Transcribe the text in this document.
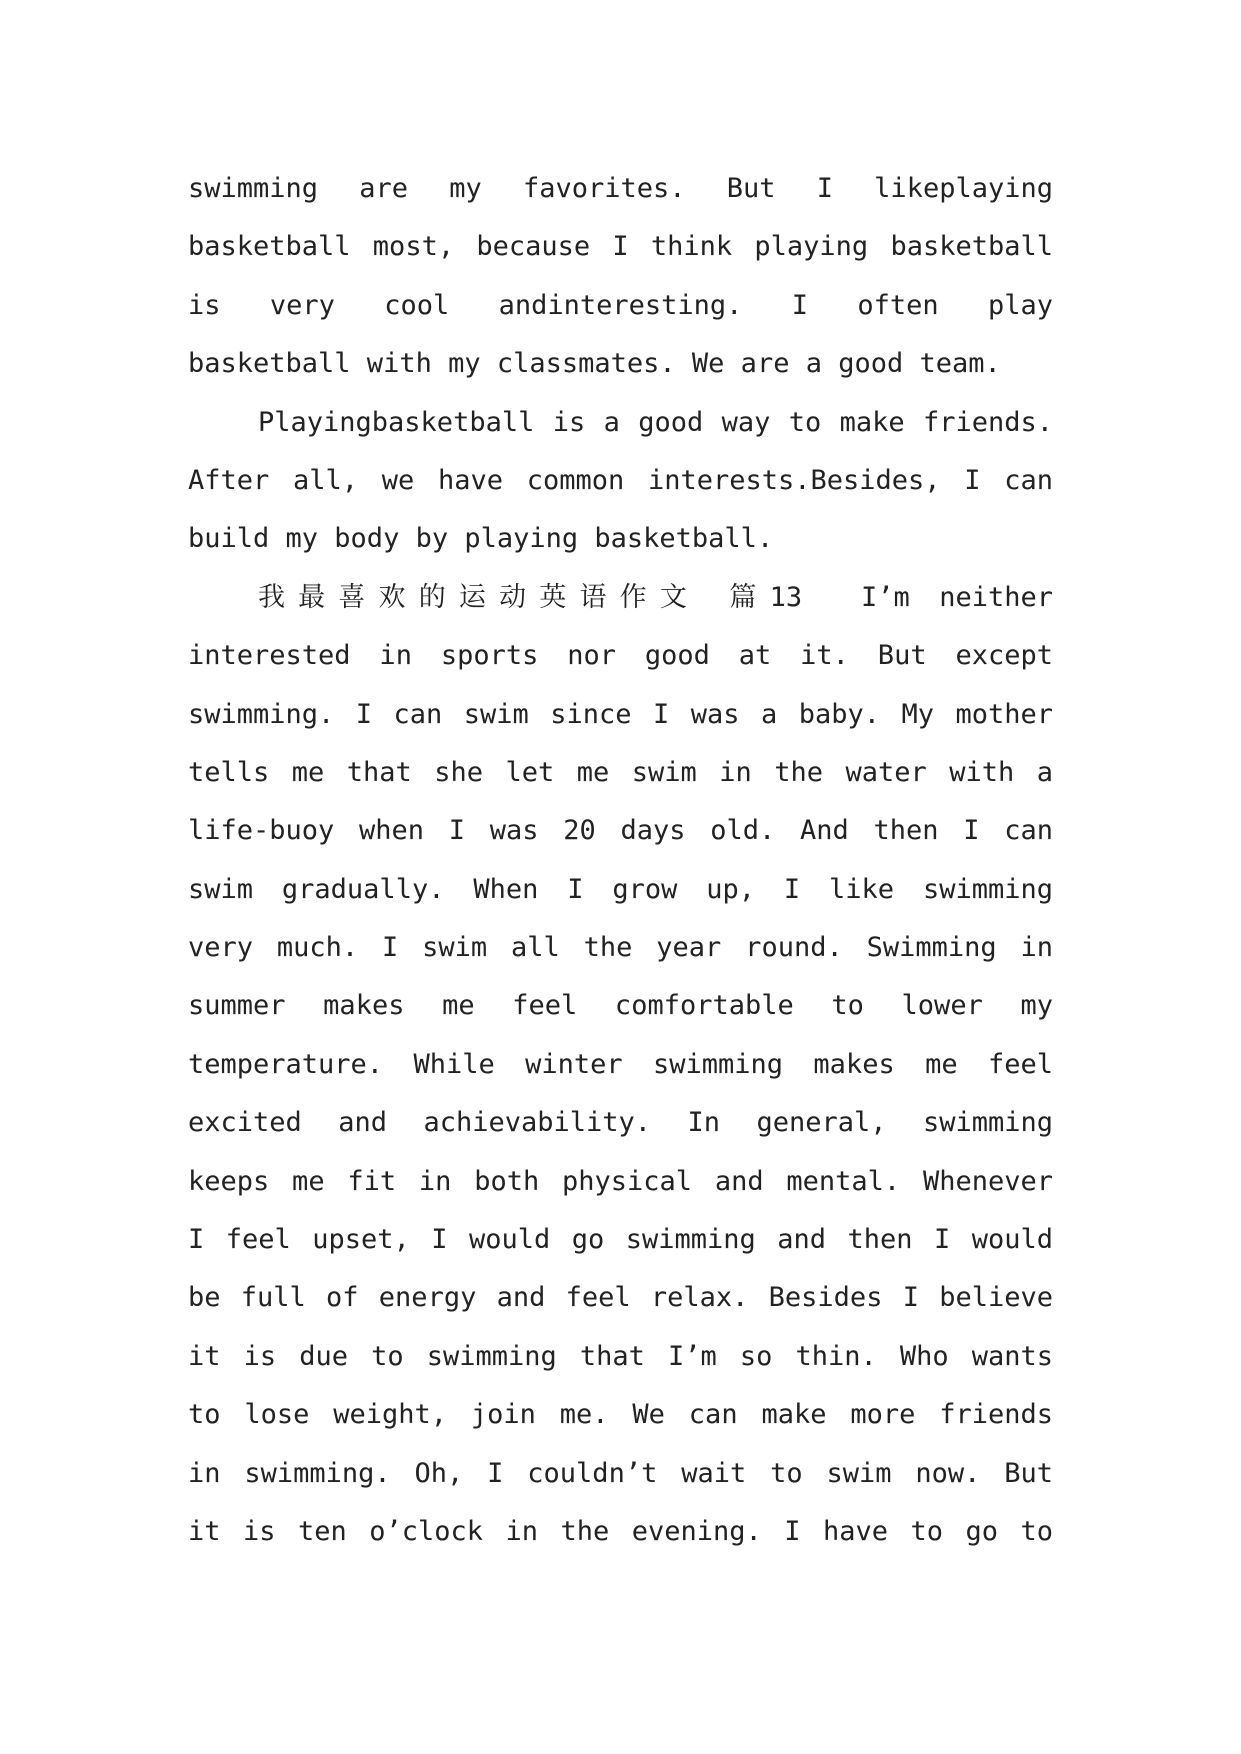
swimming are my favorites. But I likeplaying
basketball most, because I think playing basketball
is very cool andinteresting. I often play
basketball with my classmates. We are a good team.
Playingbasketball is a good way to make friends.
After all, we have common interests.Besides, I can
build my body by playing basketball.
我最喜欢的运动英语作文 篇13  I’m neither
interested in sports nor good at it. But except
swimming. I can swim since I was a baby. My mother
tells me that she let me swim in the water with a
life-buoy when I was 20 days old. And then I can
swim gradually. When I grow up, I like swimming
very much. I swim all the year round. Swimming in
summer makes me feel comfortable to lower my
temperature. While winter swimming makes me feel
excited and achievability. In general, swimming
keeps me fit in both physical and mental. Whenever
I feel upset, I would go swimming and then I would
be full of energy and feel relax. Besides I believe
it is due to swimming that I’m so thin. Who wants
to lose weight, join me. We can make more friends
in swimming. Oh, I couldn’t wait to swim now. But
it is ten o’clock in the evening. I have to go to
